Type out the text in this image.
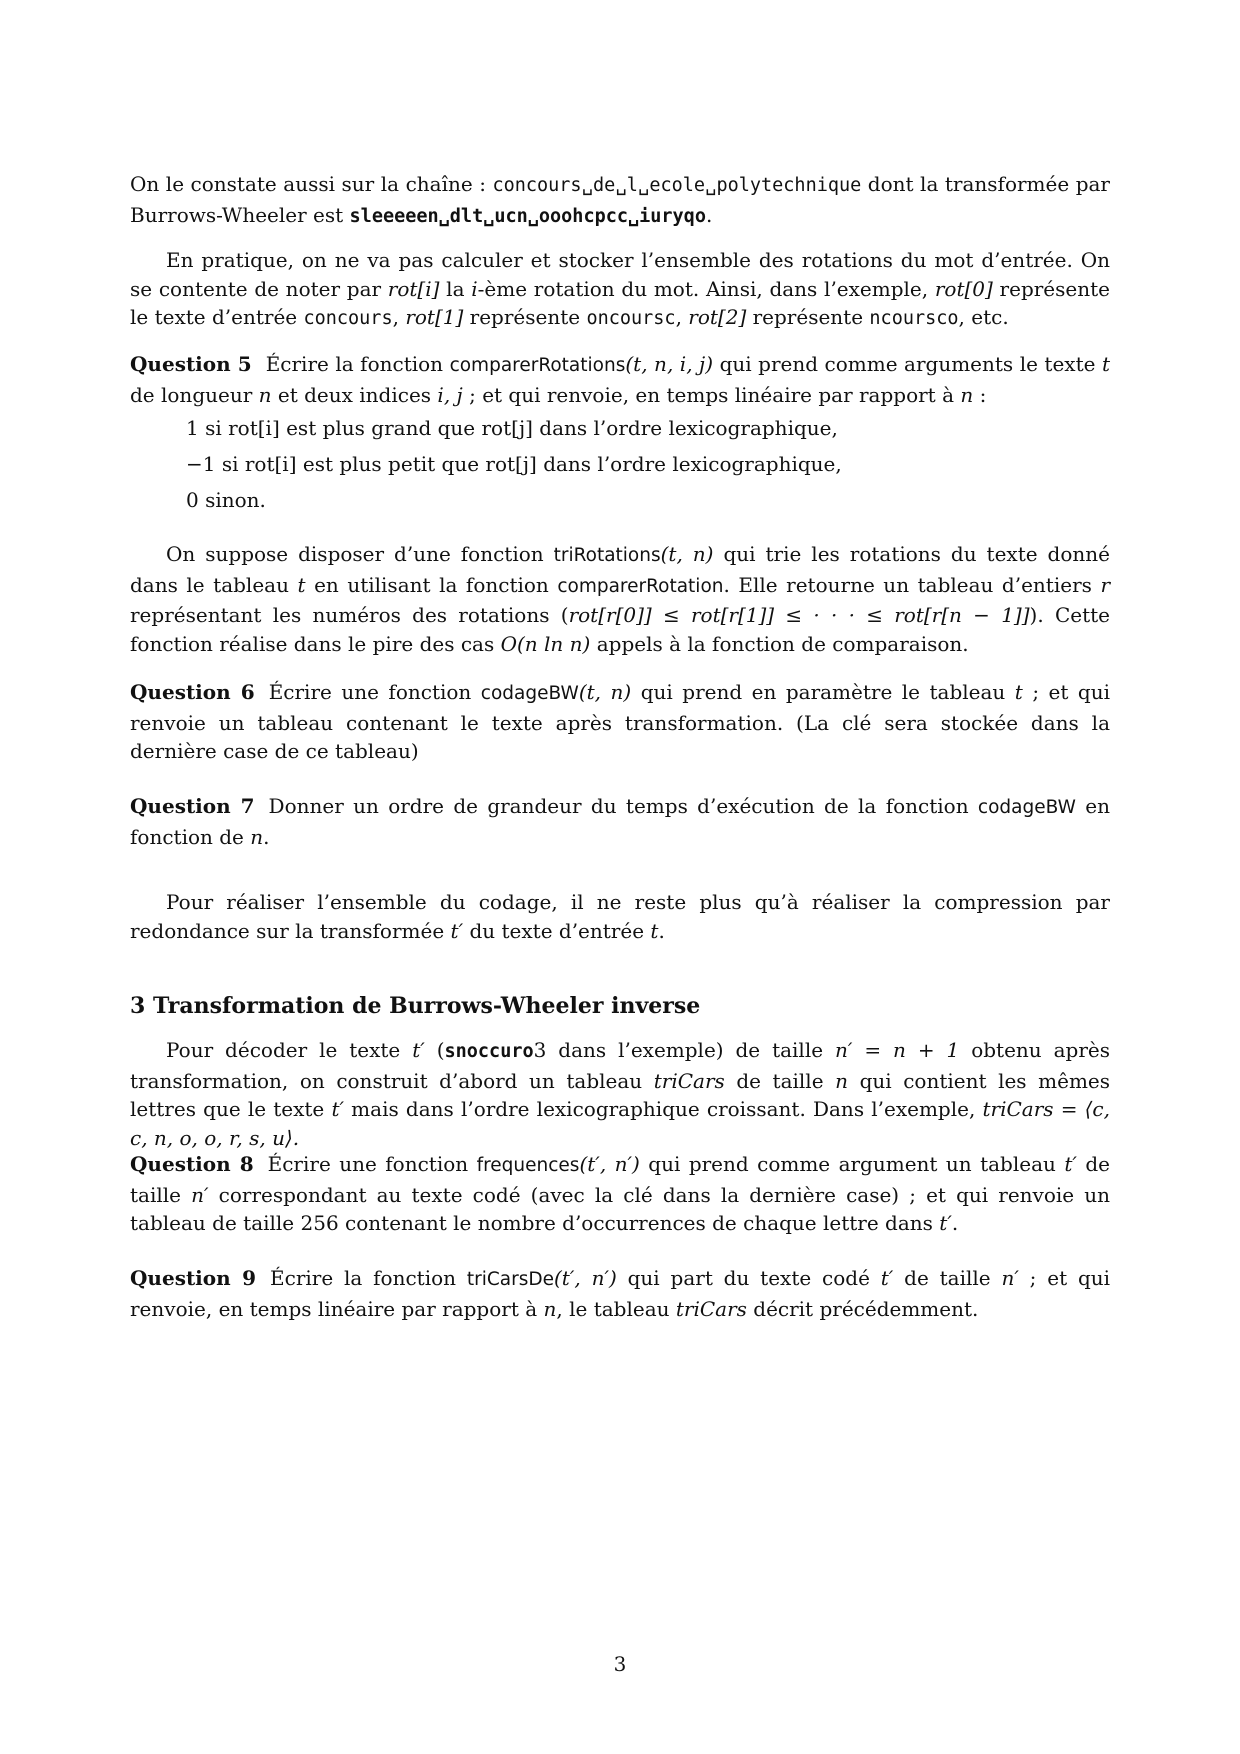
On le constate aussi sur la chaîne : concours␣de␣l␣ecole␣polytechnique dont la transformée par Burrows-Wheeler est sleeeeen␣dlt␣ucn␣ooohcpcc␣iuryqo.

En pratique, on ne va pas calculer et stocker l’ensemble des rotations du mot d’entrée. On se contente de noter par rot[i] la i-ème rotation du mot. Ainsi, dans l’exemple, rot[0] représente le texte d’entrée concours, rot[1] représente oncoursc, rot[2] représente ncoursco, etc.

Question 5 Écrire la fonction comparerRotations(t, n, i, j) qui prend comme arguments le texte t de longueur n et deux indices i, j ; et qui renvoie, en temps linéaire par rapport à n :

1 si rot[i] est plus grand que rot[j] dans l’ordre lexicographique,
−1 si rot[i] est plus petit que rot[j] dans l’ordre lexicographique,
0 sinon.

On suppose disposer d’une fonction triRotations(t, n) qui trie les rotations du texte donné dans le tableau t en utilisant la fonction comparerRotation. Elle retourne un tableau d’entiers r représentant les numéros des rotations (rot[r[0]] ≤ rot[r[1]] ≤ · · · ≤ rot[r[n − 1]]). Cette fonction réalise dans le pire des cas O(n ln n) appels à la fonction de comparaison.

Question 6 Écrire une fonction codageBW(t, n) qui prend en paramètre le tableau t ; et qui renvoie un tableau contenant le texte après transformation. (La clé sera stockée dans la dernière case de ce tableau)

Question 7 Donner un ordre de grandeur du temps d’exécution de la fonction codageBW en fonction de n.

Pour réaliser l’ensemble du codage, il ne reste plus qu’à réaliser la compression par redondance sur la transformée t′ du texte d’entrée t.

3 Transformation de Burrows-Wheeler inverse

Pour décoder le texte t′ (snoccuro3 dans l’exemple) de taille n′ = n + 1 obtenu après transformation, on construit d’abord un tableau triCars de taille n qui contient les mêmes lettres que le texte t′ mais dans l’ordre lexicographique croissant. Dans l’exemple, triCars = ⟨c, c, n, o, o, r, s, u⟩.

Question 8 Écrire une fonction frequences(t′, n′) qui prend comme argument un tableau t′ de taille n′ correspondant au texte codé (avec la clé dans la dernière case) ; et qui renvoie un tableau de taille 256 contenant le nombre d’occurrences de chaque lettre dans t′.

Question 9 Écrire la fonction triCarsDe(t′, n′) qui part du texte codé t′ de taille n′ ; et qui renvoie, en temps linéaire par rapport à n, le tableau triCars décrit précédemment.

3
